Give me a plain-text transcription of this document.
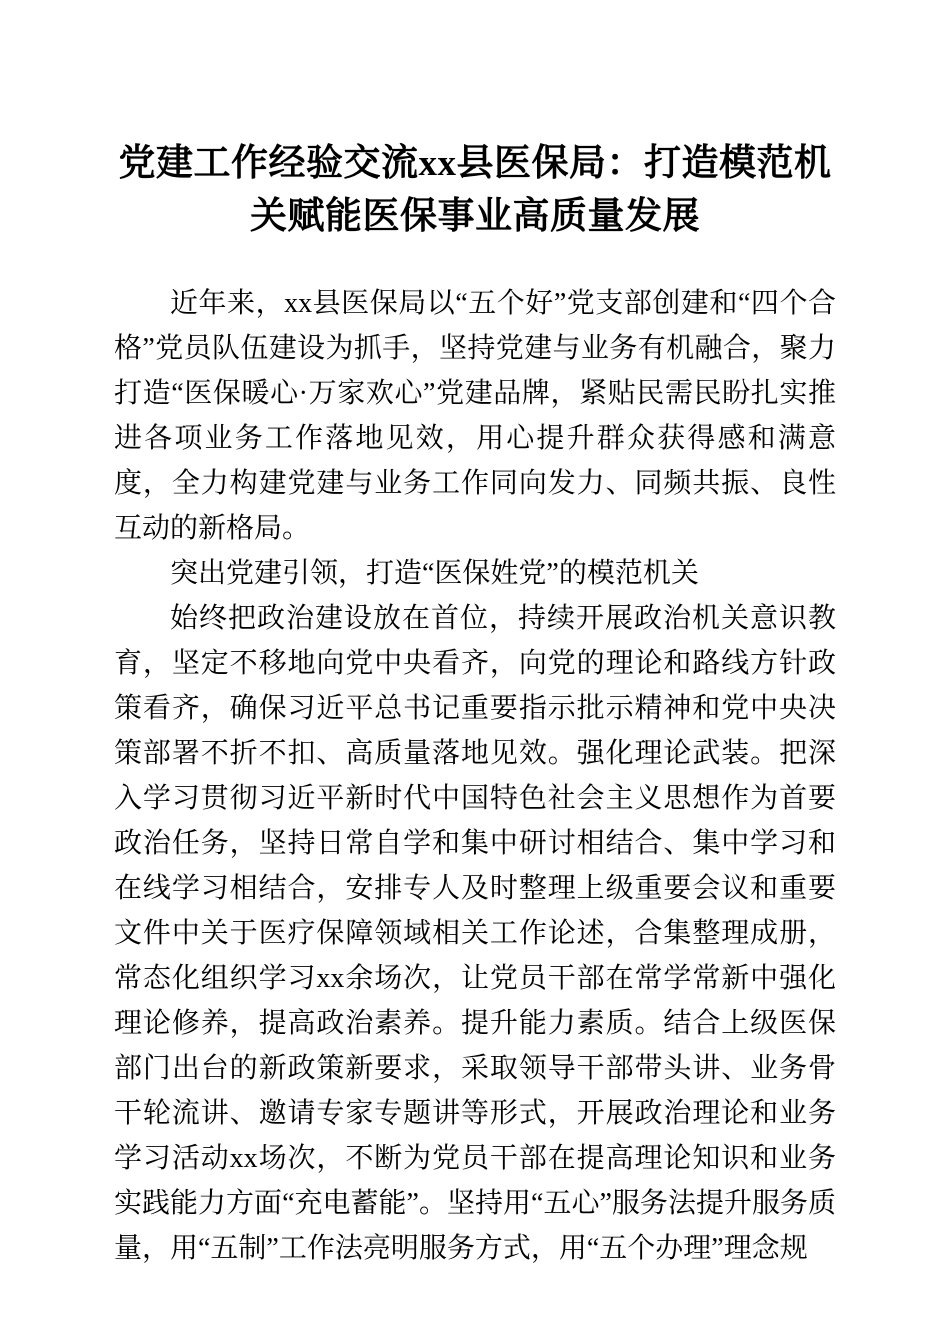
党建工作经验交流xx县医保局：打造模范机关赋能医保事业高质量发展

近年来，xx县医保局以“五个好”党支部创建和“四个合格”党员队伍建设为抓手，坚持党建与业务有机融合，聚力打造“医保暖心·万家欢心”党建品牌，紧贴民需民盼扎实推进各项业务工作落地见效，用心提升群众获得感和满意度，全力构建党建与业务工作同向发力、同频共振、良性互动的新格局。

突出党建引领，打造“医保姓党”的模范机关

始终把政治建设放在首位，持续开展政治机关意识教育，坚定不移地向党中央看齐，向党的理论和路线方针政策看齐，确保习近平总书记重要指示批示精神和党中央决策部署不折不扣、高质量落地见效。强化理论武装。把深入学习贯彻习近平新时代中国特色社会主义思想作为首要政治任务，坚持日常自学和集中研讨相结合、集中学习和在线学习相结合，安排专人及时整理上级重要会议和重要文件中关于医疗保障领域相关工作论述，合集整理成册，常态化组织学习xx余场次，让党员干部在常学常新中强化理论修养，提高政治素养。提升能力素质。结合上级医保部门出台的新政策新要求，采取领导干部带头讲、业务骨干轮流讲、邀请专家专题讲等形式，开展政治理论和业务学习活动xx场次，不断为党员干部在提高理论知识和业务实践能力方面“充电蓄能”。坚持用“五心”服务法提升服务质量，用“五制”工作法亮明服务方式，用“五个办理”理念规
